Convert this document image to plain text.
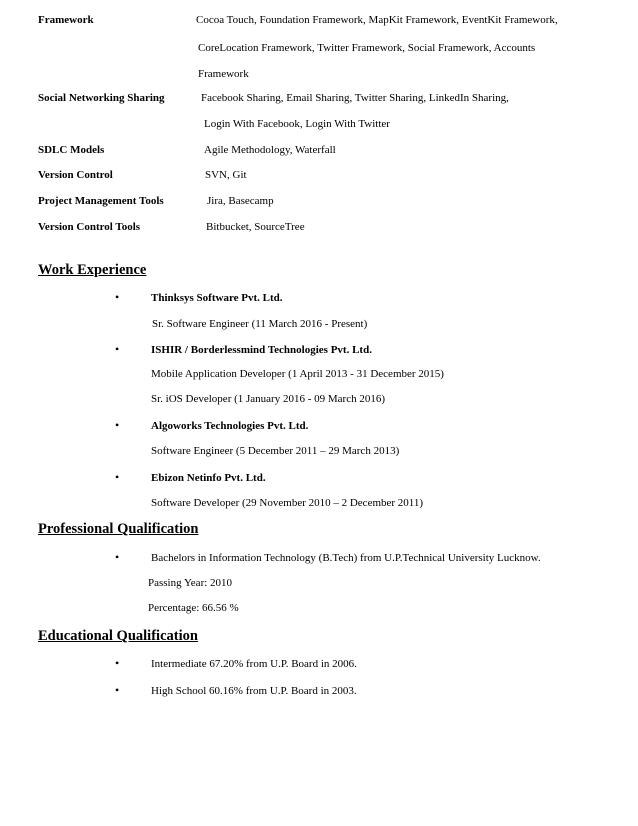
Framework	Cocoa Touch, Foundation Framework, MapKit Framework, EventKit Framework,
CoreLocation Framework, Twitter Framework, Social Framework, Accounts
Framework
Social Networking Sharing	Facebook Sharing, Email Sharing, Twitter Sharing, LinkedIn Sharing,
Login With Facebook, Login With Twitter
SDLC Models	Agile Methodology, Waterfall
Version Control	SVN, Git
Project Management Tools	Jira, Basecamp
Version Control Tools	Bitbucket, SourceTree
Work Experience
•	Thinksys Software Pvt. Ltd.
Sr. Software Engineer (11 March 2016 - Present)
•	ISHIR / Borderlessmind Technologies Pvt. Ltd.
Mobile Application Developer (1 April 2013 - 31 December 2015)
Sr. iOS Developer (1 January 2016 - 09 March 2016)
•	Algoworks Technologies Pvt. Ltd.
Software Engineer (5 December 2011 – 29 March 2013)
•	Ebizon Netinfo Pvt. Ltd.
Software Developer (29 November 2010 – 2 December 2011)
Professional Qualification
•	Bachelors in Information Technology (B.Tech) from U.P.Technical University Lucknow.
Passing Year: 2010
Percentage: 66.56 %
Educational Qualification
•	Intermediate 67.20% from U.P. Board in 2006.
•	High School 60.16% from U.P. Board in 2003.
